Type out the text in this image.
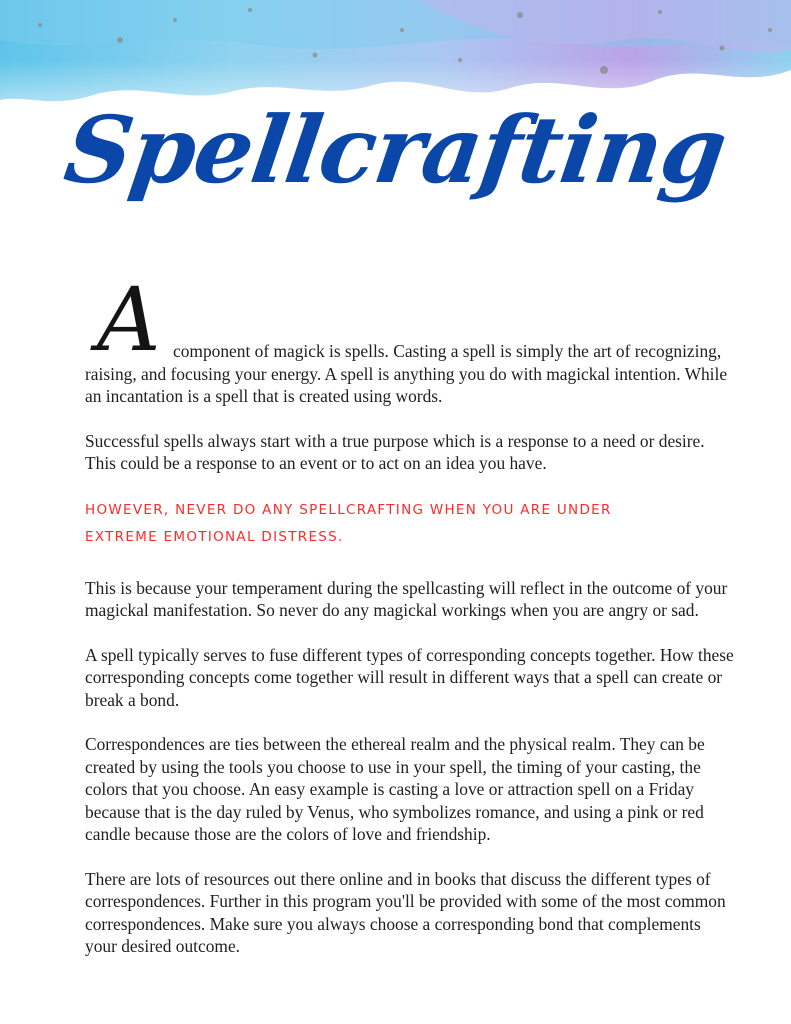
Spellcrafting

A component of magick is spells. Casting a spell is simply the art of recognizing, raising, and focusing your energy. A spell is anything you do with magickal intention. While an incantation is a spell that is created using words.

Successful spells always start with a true purpose which is a response to a need or desire. This could be a response to an event or to act on an idea you have.

HOWEVER, NEVER DO ANY SPELLCRAFTING WHEN YOU ARE UNDER
EXTREME EMOTIONAL DISTRESS.

This is because your temperament during the spellcasting will reflect in the outcome of your magickal manifestation. So never do any magickal workings when you are angry or sad.

A spell typically serves to fuse different types of corresponding concepts together. How these corresponding concepts come together will result in different ways that a spell can create or break a bond.

Correspondences are ties between the ethereal realm and the physical realm. They can be created by using the tools you choose to use in your spell, the timing of your casting, the colors that you choose. An easy example is casting a love or attraction spell on a Friday because that is the day ruled by Venus, who symbolizes romance, and using a pink or red candle because those are the colors of love and friendship.

There are lots of resources out there online and in books that discuss the different types of correspondences. Further in this program you'll be provided with some of the most common correspondences. Make sure you always choose a corresponding bond that complements your desired outcome.
